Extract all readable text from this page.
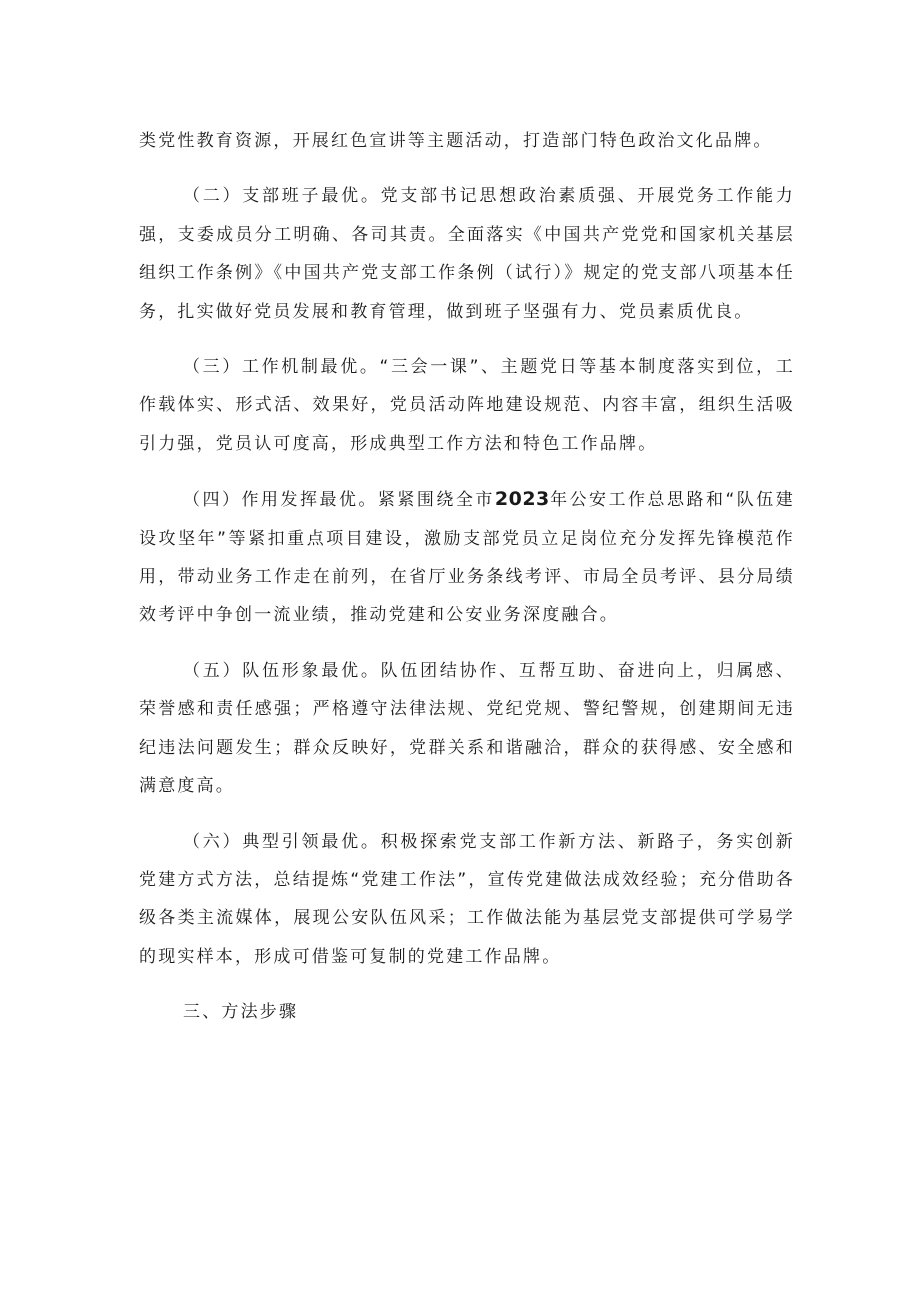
类党性教育资源，开展红色宣讲等主题活动，打造部门特色政治文化品牌。

（二）支部班子最优。党支部书记思想政治素质强、开展党务工作能力强，支委成员分工明确、各司其责。全面落实《中国共产党党和国家机关基层组织工作条例》《中国共产党支部工作条例（试行）》规定的党支部八项基本任务，扎实做好党员发展和教育管理，做到班子坚强有力、党员素质优良。

（三）工作机制最优。“三会一课”、主题党日等基本制度落实到位，工作载体实、形式活、效果好，党员活动阵地建设规范、内容丰富，组织生活吸引力强，党员认可度高，形成典型工作方法和特色工作品牌。

（四）作用发挥最优。紧紧围绕全市2023年公安工作总思路和“队伍建设攻坚年”等紧扣重点项目建设，激励支部党员立足岗位充分发挥先锋模范作用，带动业务工作走在前列，在省厅业务条线考评、市局全员考评、县分局绩效考评中争创一流业绩，推动党建和公安业务深度融合。

（五）队伍形象最优。队伍团结协作、互帮互助、奋进向上，归属感、荣誉感和责任感强；严格遵守法律法规、党纪党规、警纪警规，创建期间无违纪违法问题发生；群众反映好，党群关系和谐融洽，群众的获得感、安全感和满意度高。

（六）典型引领最优。积极探索党支部工作新方法、新路子，务实创新党建方式方法，总结提炼“党建工作法”，宣传党建做法成效经验；充分借助各级各类主流媒体，展现公安队伍风采；工作做法能为基层党支部提供可学易学的现实样本，形成可借鉴可复制的党建工作品牌。

三、方法步骤
